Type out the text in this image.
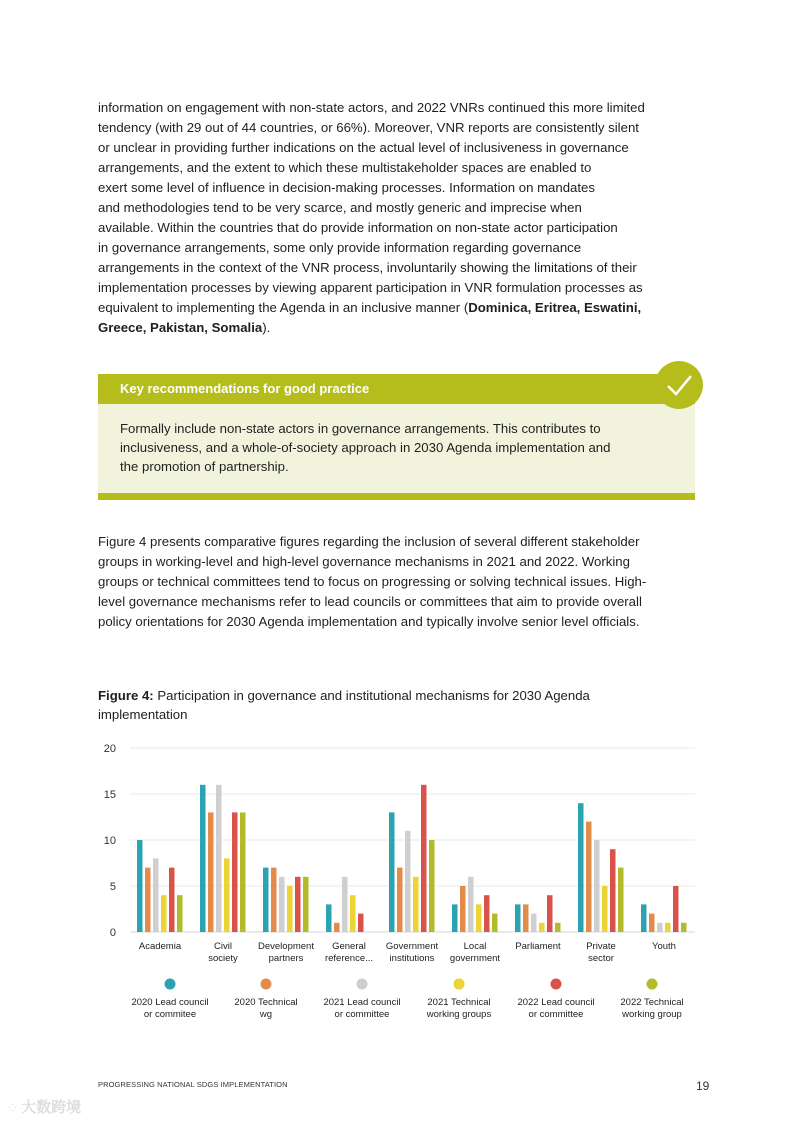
information on engagement with non-state actors, and 2022 VNRs continued this more limited
tendency (with 29 out of 44 countries, or 66%). Moreover, VNR reports are consistently silent
or unclear in providing further indications on the actual level of inclusiveness in governance
arrangements, and the extent to which these multistakeholder spaces are enabled to
exert some level of influence in decision-making processes. Information on mandates
and methodologies tend to be very scarce, and mostly generic and imprecise when
available. Within the countries that do provide information on non-state actor participation
in governance arrangements, some only provide information regarding governance
arrangements in the context of the VNR process, involuntarily showing the limitations of their
implementation processes by viewing apparent participation in VNR formulation processes as
equivalent to implementing the Agenda in an inclusive manner (Dominica, Eritrea, Eswatini,
Greece, Pakistan, Somalia).
Key recommendations for good practice
Formally include non-state actors in governance arrangements. This contributes to
inclusiveness, and a whole-of-society approach in 2030 Agenda implementation and
the promotion of partnership.
Figure 4 presents comparative figures regarding the inclusion of several different stakeholder
groups in working-level and high-level governance mechanisms in 2021 and 2022. Working
groups or technical committees tend to focus on progressing or solving technical issues. High-
level governance mechanisms refer to lead councils or committees that aim to provide overall
policy orientations for 2030 Agenda implementation and typically involve senior level officials.
Figure 4: Participation in governance and institutional mechanisms for 2030 Agenda
implementation
0
5
10
15
20
Academia	Civil
society
Development
partners
General
reference...
Government
institutions
Local
government
Parliament	Private
sector
Youth
2020 Lead council
or commitee
2020 Technical
wg
2021 Lead council
or committee
2021 Technical
working groups
2022 Lead council
or committee
2022 Technical
working group
PROGRESSING NATIONAL SDGS IMPLEMENTATION	19
◌ 大数跨境
